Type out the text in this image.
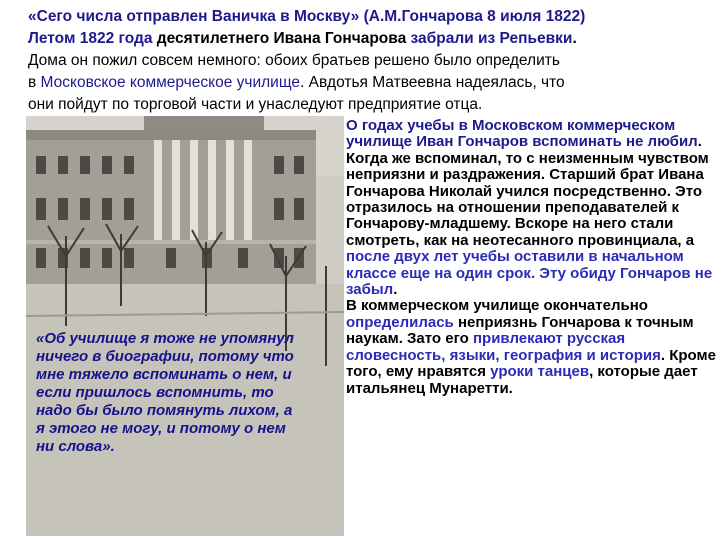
«Сего числа отправлен Ваничка в Москву» (А.М.Гончарова 8 июля 1822)
Летом 1822 года десятилетнего Ивана Гончарова забрали из Репьевки.
Дома он пожил совсем немного: обоих братьев решено было определить
в Московское коммерческое училище. Авдотья Матвеевна надеялась, что
они пойдут по торговой части и унаследуют предприятие отца.
«Об училище я тоже не упомянул ничего в биографии, потому что мне тяжело вспоминать о нем, и если пришлось вспомнить, то надо бы было помянуть лихом, а я этого не могу, и потому о нем ни слова».
О годах учебы в Московском коммерческом училище Иван Гончаров вспоминать не любил. Когда же вспоминал, то с неизменным чувством неприязни и раздражения. Старший брат Ивана Гончарова Николай учился посредственно. Это отразилось на отношении преподавателей к Гончарову-младшему. Вскоре на него стали смотреть, как на неотесанного провинциала, а после двух лет учебы оставили в начальном классе еще на один срок. Эту обиду Гончаров не забыл.
В коммерческом училище окончательно определилась неприязнь Гончарова к точным наукам. Зато его привлекают русская словесность, языки, география и история. Кроме того, ему нравятся уроки танцев, которые дает итальянец Мунаретти.
